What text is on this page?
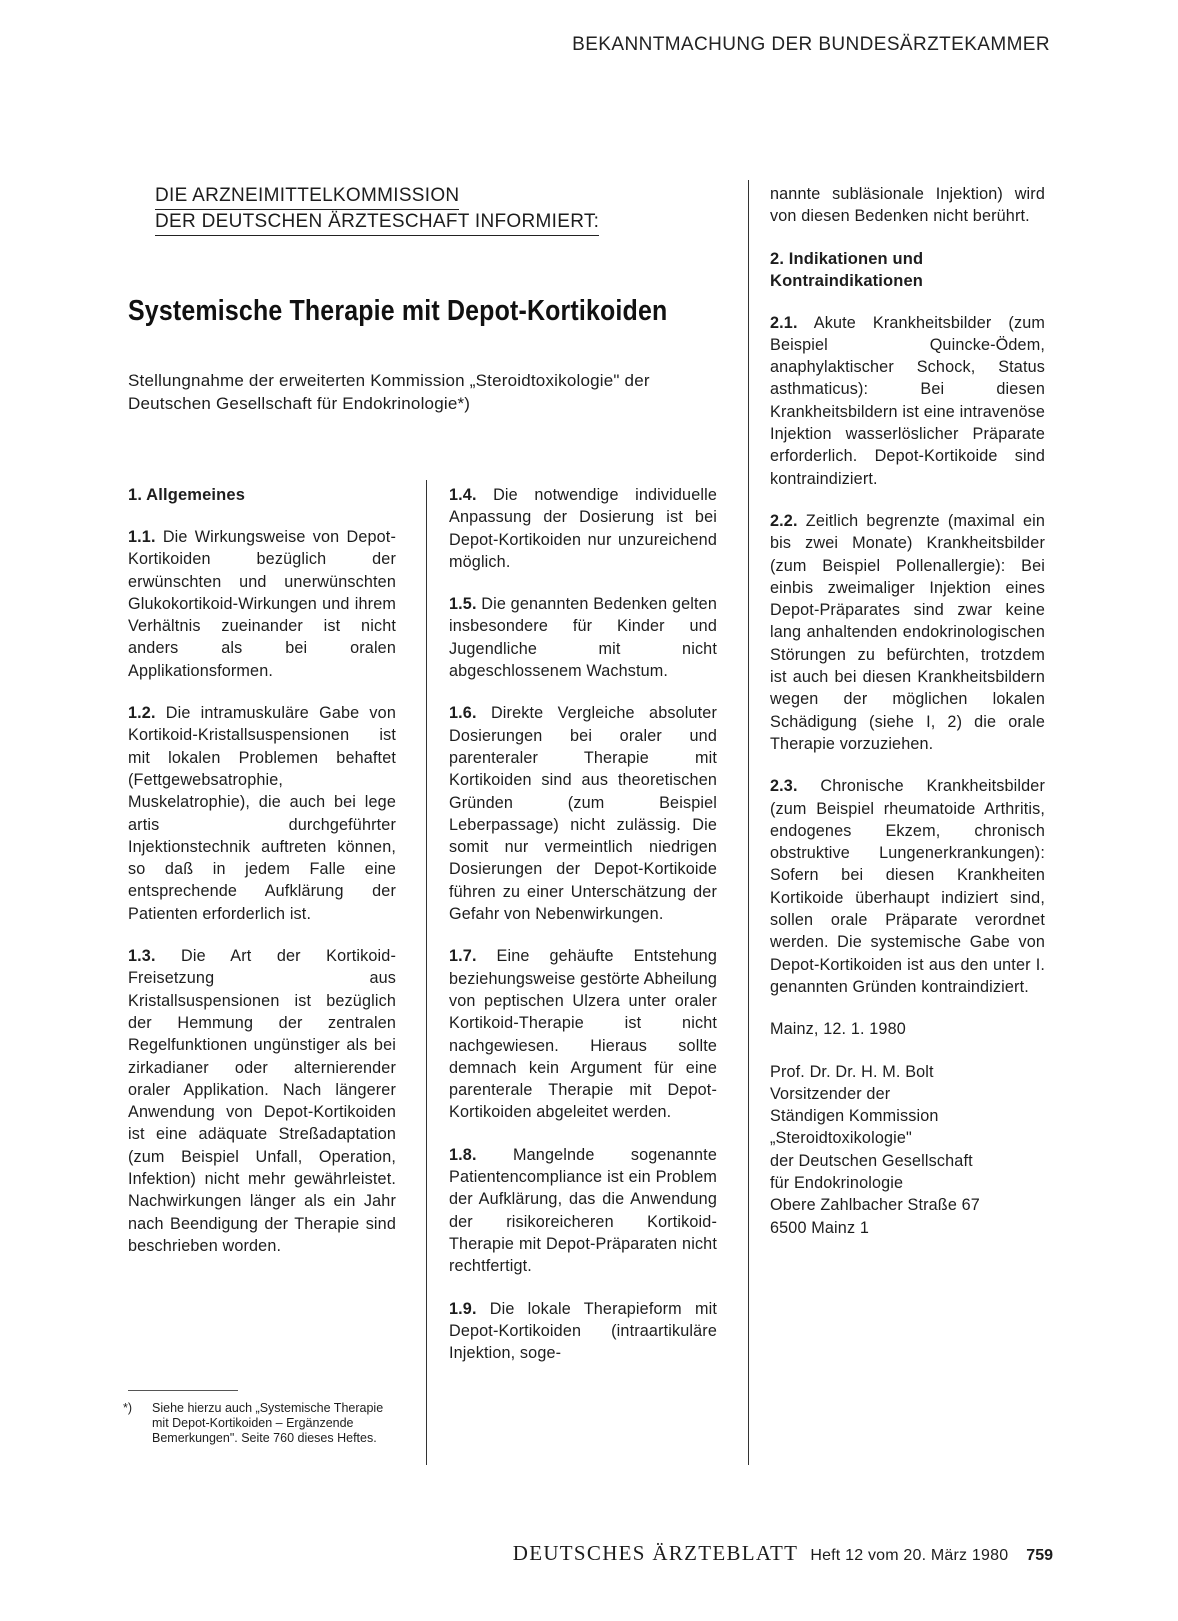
BEKANNTMACHUNG DER BUNDESÄRZTEKAMMER
DIE ARZNEIMITTELKOMMISSION
DER DEUTSCHEN ÄRZTESCHAFT INFORMIERT:
Systemische Therapie mit Depot-Kortikoiden
Stellungnahme der erweiterten Kommission „Steroidtoxikologie" der Deutschen Gesellschaft für Endokrinologie*)
1. Allgemeines

1.1. Die Wirkungsweise von Depot-Kortikoiden bezüglich der erwünschten und unerwünschten Glukokortikoid-Wirkungen und ihrem Verhältnis zueinander ist nicht anders als bei oralen Applikationsformen.

1.2. Die intramuskuläre Gabe von Kortikoid-Kristallsuspensionen ist mit lokalen Problemen behaftet (Fettgewebsatrophie, Muskelatrophie), die auch bei lege artis durchgeführter Injektionstechnik auftreten können, so daß in jedem Falle eine entsprechende Aufklärung der Patienten erforderlich ist.

1.3. Die Art der Kortikoid-Freisetzung aus Kristallsuspensionen ist bezüglich der Hemmung der zentralen Regelfunktionen ungünstiger als bei zirkadianer oder alternierender oraler Applikation. Nach längerer Anwendung von Depot-Kortikoiden ist eine adäquate Streßadaptation (zum Beispiel Unfall, Operation, Infektion) nicht mehr gewährleistet. Nachwirkungen länger als ein Jahr nach Beendigung der Therapie sind beschrieben worden.

*)	Siehe hierzu auch „Systemische Therapie mit Depot-Kortikoiden – Ergänzende Bemerkungen". Seite 760 dieses Heftes.

1.4. Die notwendige individuelle Anpassung der Dosierung ist bei Depot-Kortikoiden nur unzureichend möglich.

1.5. Die genannten Bedenken gelten insbesondere für Kinder und Jugendliche mit nicht abgeschlossenem Wachstum.

1.6. Direkte Vergleiche absoluter Dosierungen bei oraler und parenteraler Therapie mit Kortikoiden sind aus theoretischen Gründen (zum Beispiel Leberpassage) nicht zulässig. Die somit nur vermeintlich niedrigen Dosierungen der Depot-Kortikoide führen zu einer Unterschätzung der Gefahr von Nebenwirkungen.

1.7. Eine gehäufte Entstehung beziehungsweise gestörte Abheilung von peptischen Ulzera unter oraler Kortikoid-Therapie ist nicht nachgewiesen. Hieraus sollte demnach kein Argument für eine parenterale Therapie mit Depot-Kortikoiden abgeleitet werden.

1.8. Mangelnde sogenannte Patientencompliance ist ein Problem der Aufklärung, das die Anwendung der risikoreicheren Kortikoid-Therapie mit Depot-Präparaten nicht rechtfertigt.

1.9. Die lokale Therapieform mit Depot-Kortikoiden (intraartikuläre Injektion, soge-

nannte subläsionale Injektion) wird von diesen Bedenken nicht berührt.

2. Indikationen und
Kontraindikationen

2.1. Akute Krankheitsbilder (zum Beispiel Quincke-Ödem, anaphylaktischer Schock, Status asthmaticus): Bei diesen Krankheitsbildern ist eine intravenöse Injektion wasserlöslicher Präparate erforderlich. Depot-Kortikoide sind kontraindiziert.

2.2. Zeitlich begrenzte (maximal ein bis zwei Monate) Krankheitsbilder (zum Beispiel Pollenallergie): Bei einbis zweimaliger Injektion eines Depot-Präparates sind zwar keine lang anhaltenden endokrinologischen Störungen zu befürchten, trotzdem ist auch bei diesen Krankheitsbildern wegen der möglichen lokalen Schädigung (siehe I, 2) die orale Therapie vorzuziehen.

2.3. Chronische Krankheitsbilder (zum Beispiel rheumatoide Arthritis, endogenes Ekzem, chronisch obstruktive Lungenerkrankungen): Sofern bei diesen Krankheiten Kortikoide überhaupt indiziert sind, sollen orale Präparate verordnet werden. Die systemische Gabe von Depot-Kortikoiden ist aus den unter I. genannten Gründen kontraindiziert.

Mainz, 12. 1. 1980

Prof. Dr. Dr. H. M. Bolt
Vorsitzender der
Ständigen Kommission
„Steroidtoxikologie"
der Deutschen Gesellschaft
für Endokrinologie
Obere Zahlbacher Straße 67
6500 Mainz 1
DEUTSCHES ÄRZTEBLATT Heft 12 vom 20. März 1980 759
